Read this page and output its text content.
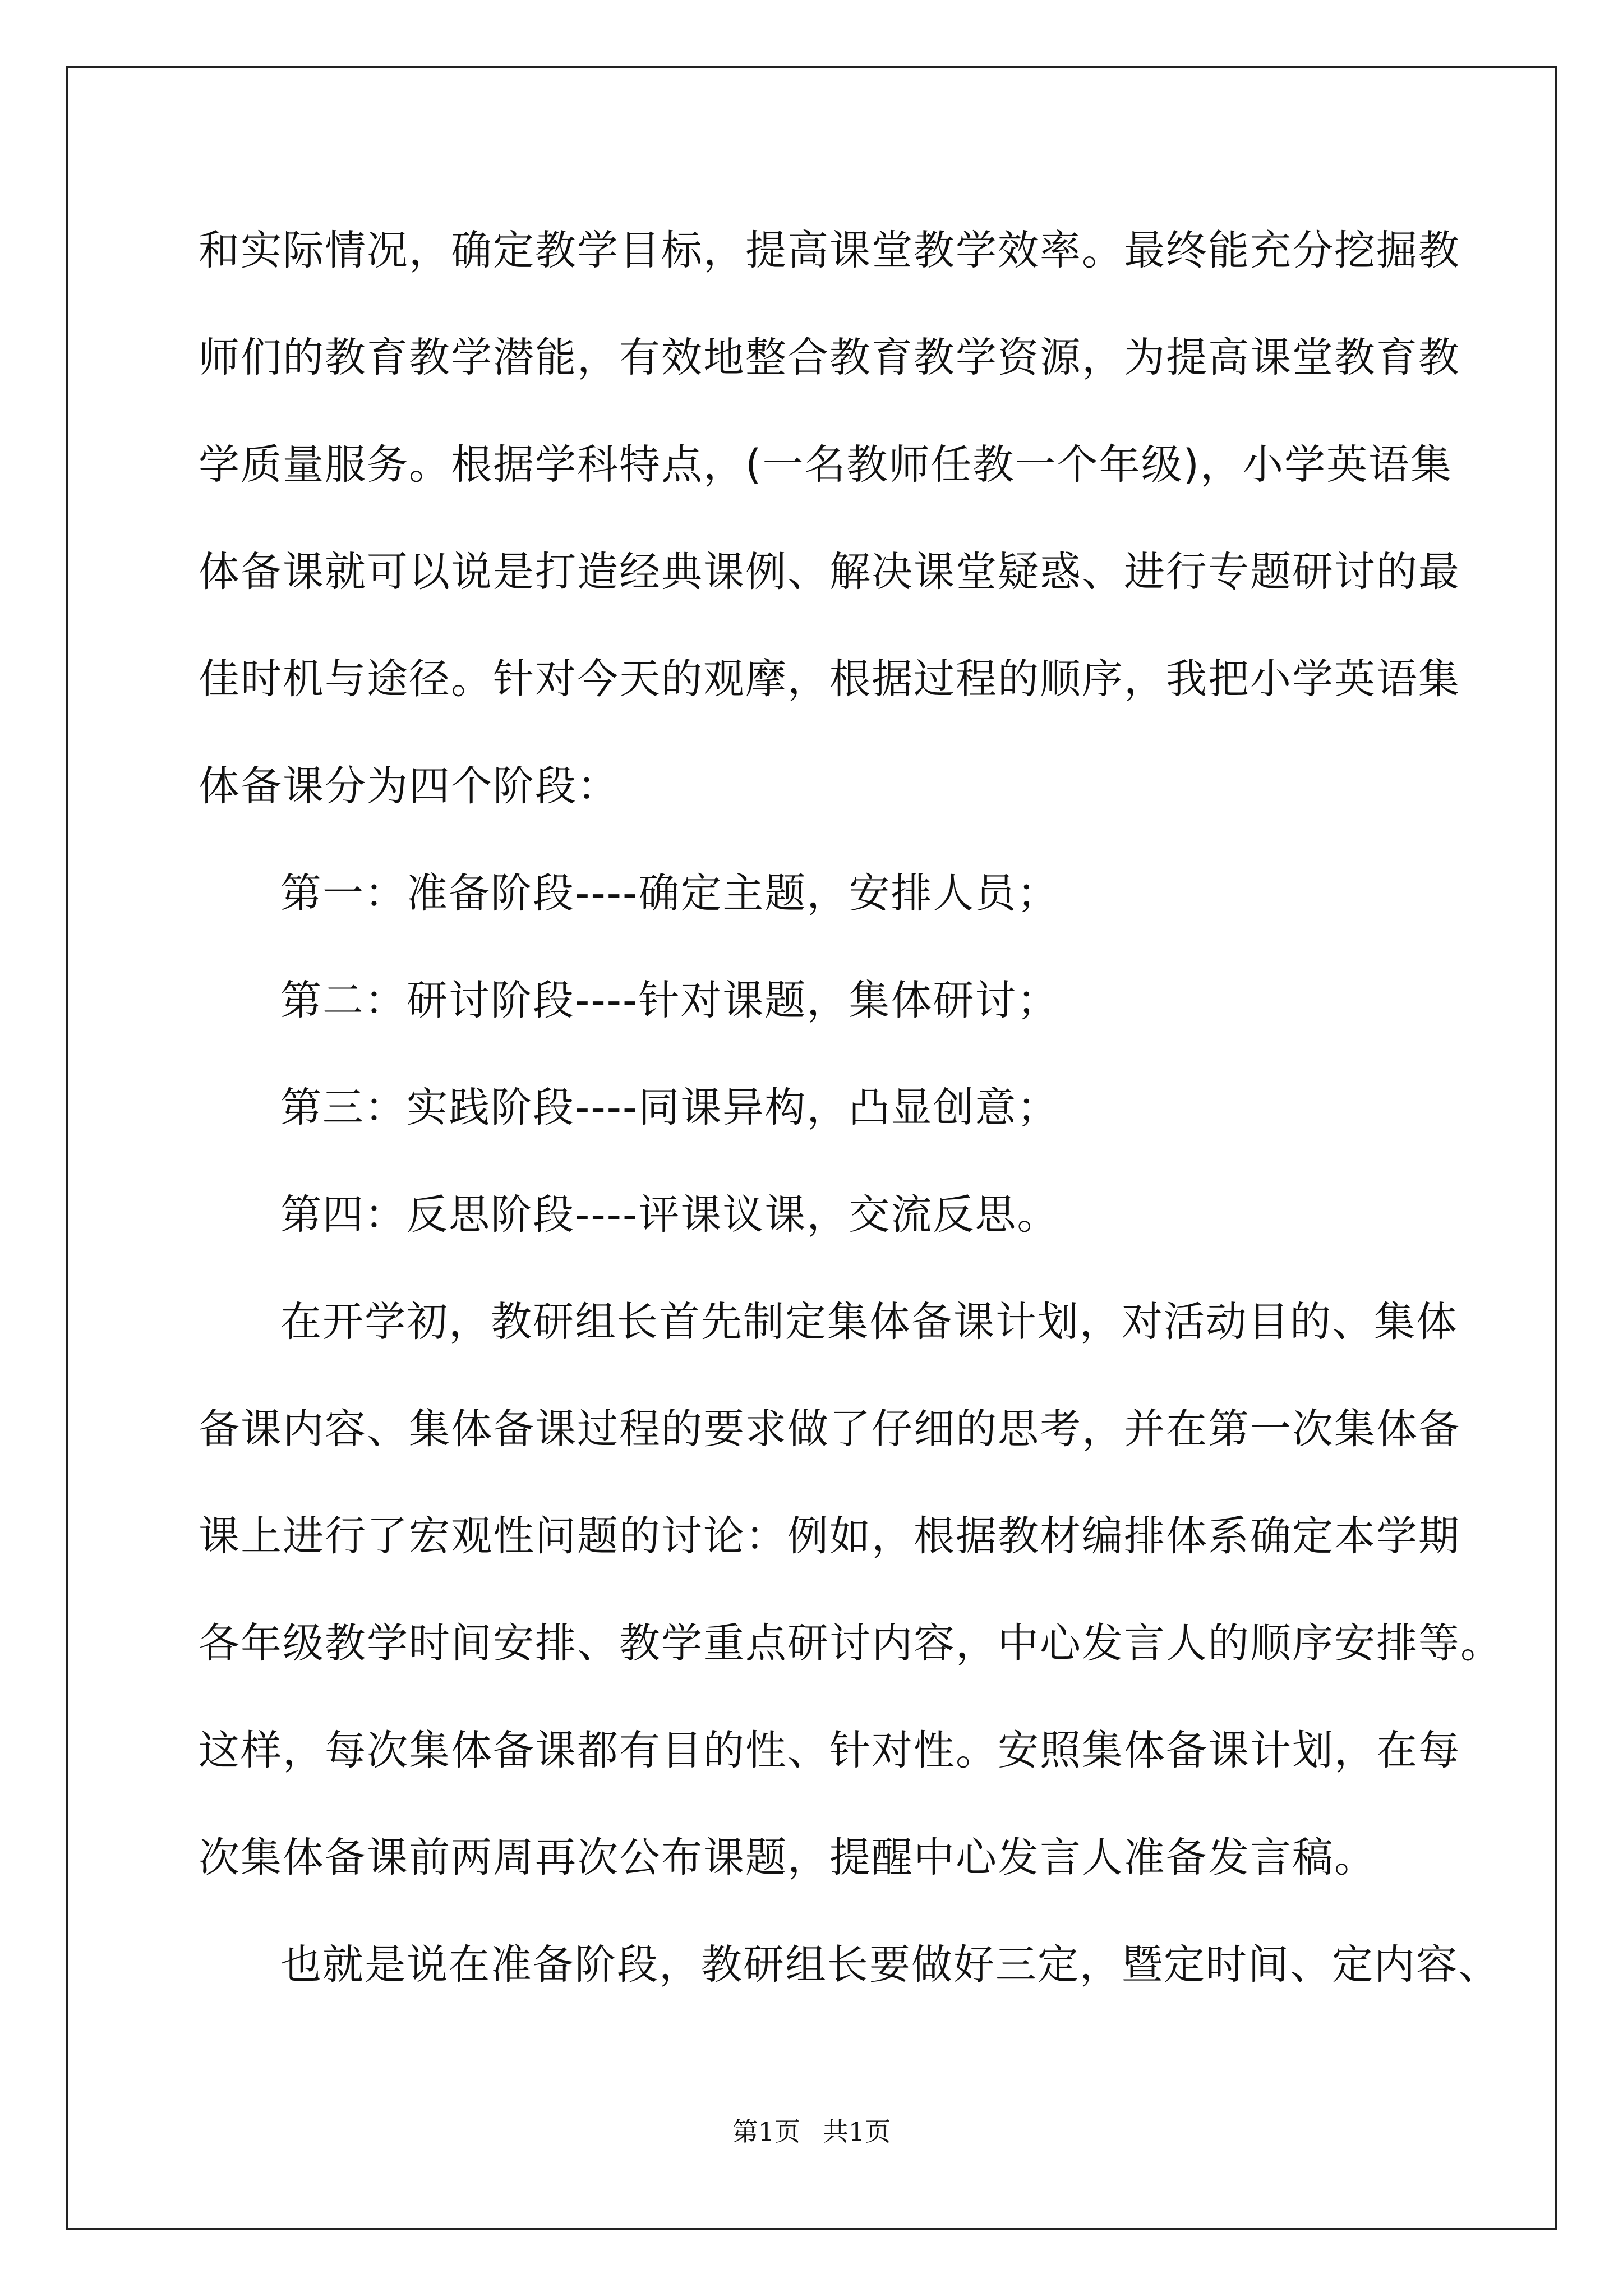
和实际情况，确定教学目标，提高课堂教学效率。最终能充分挖掘教
师们的教育教学潜能，有效地整合教育教学资源，为提高课堂教育教
学质量服务。根据学科特点，(一名教师任教一个年级)，小学英语集
体备课就可以说是打造经典课例、解决课堂疑惑、进行专题研讨的最
佳时机与途径。针对今天的观摩，根据过程的顺序，我把小学英语集
体备课分为四个阶段：
第一：准备阶段----确定主题，安排人员；
第二：研讨阶段----针对课题，集体研讨；
第三：实践阶段----同课异构，凸显创意；
第四：反思阶段----评课议课，交流反思。
在开学初，教研组长首先制定集体备课计划，对活动目的、集体
备课内容、集体备课过程的要求做了仔细的思考，并在第一次集体备
课上进行了宏观性问题的讨论：例如，根据教材编排体系确定本学期
各年级教学时间安排、教学重点研讨内容，中心发言人的顺序安排等。
这样，每次集体备课都有目的性、针对性。安照集体备课计划，在每
次集体备课前两周再次公布课题，提醒中心发言人准备发言稿。
也就是说在准备阶段，教研组长要做好三定，暨定时间、定内容、
第1页 共1页
